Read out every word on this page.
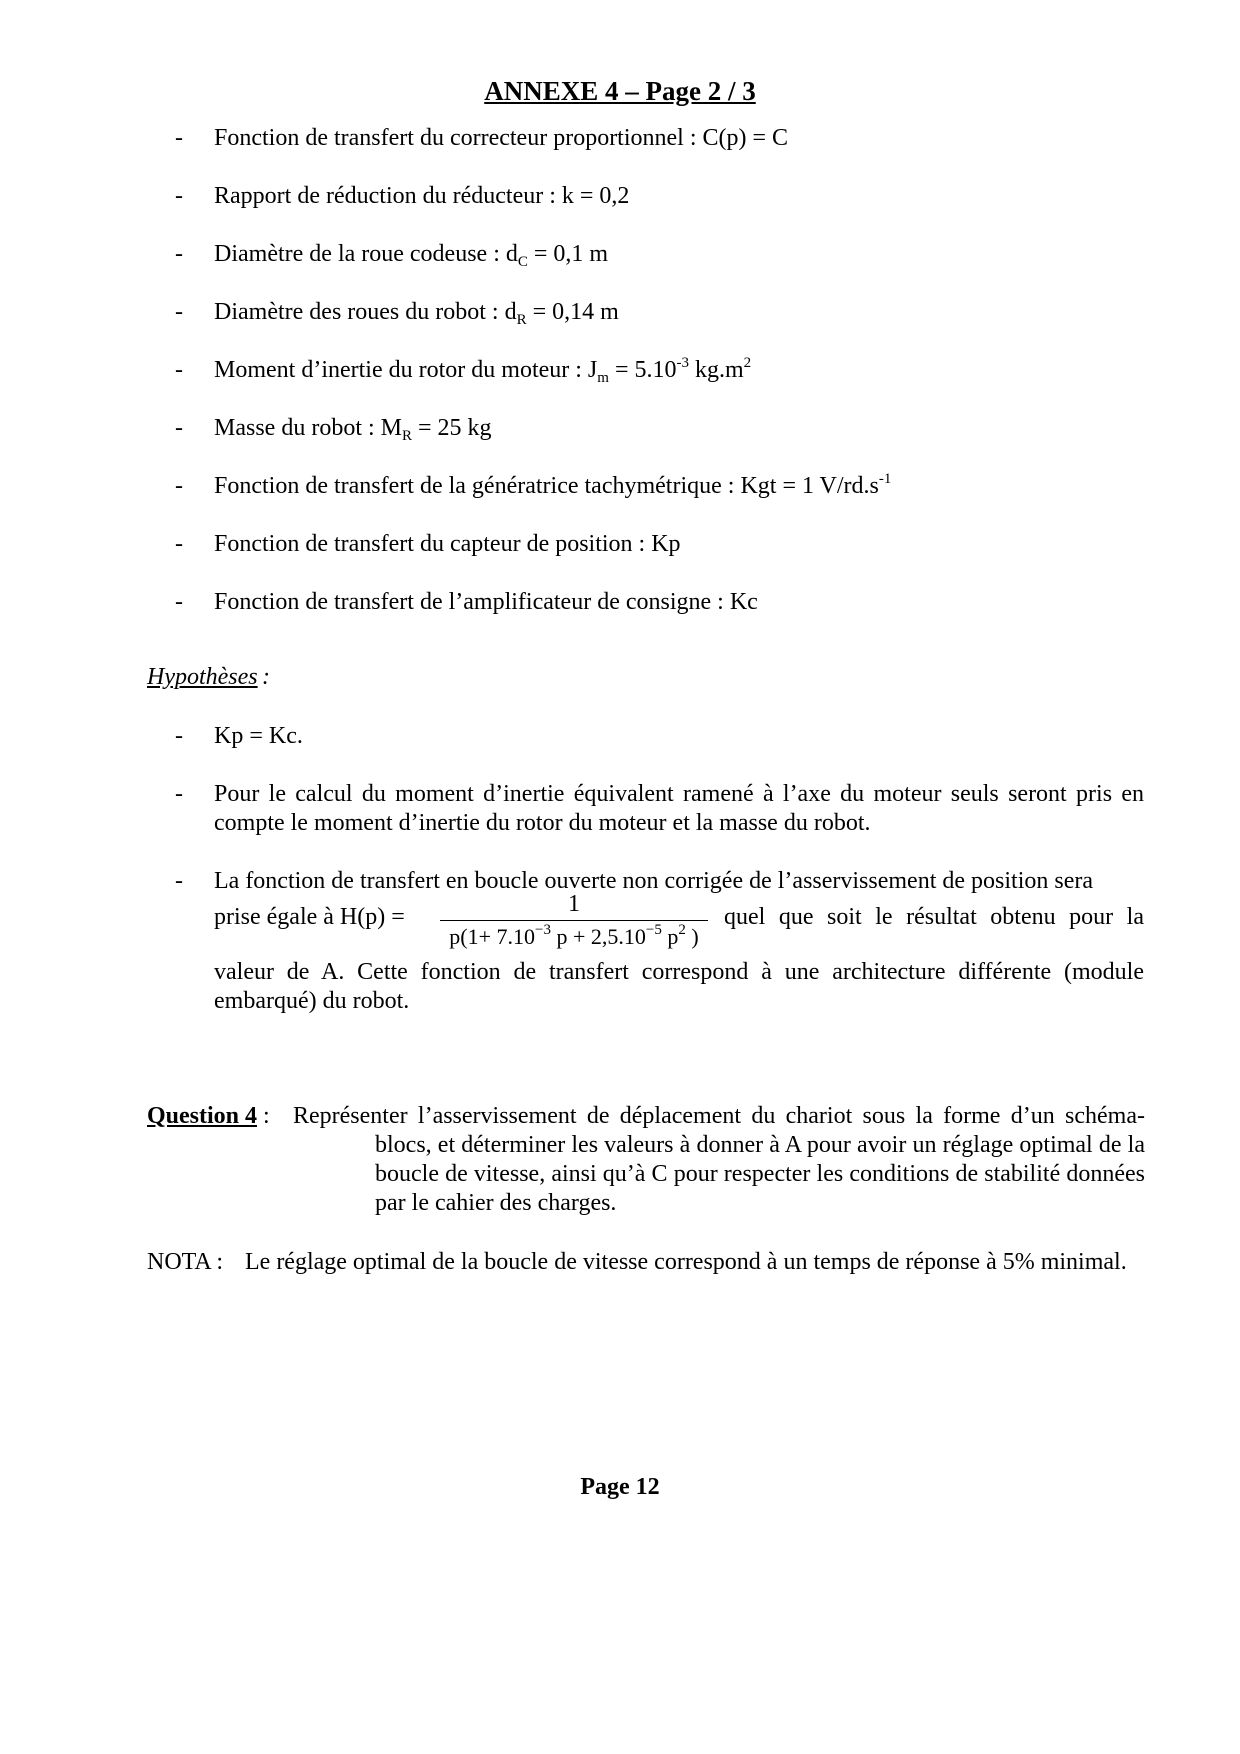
ANNEXE 4 – Page 2 / 3
- Fonction de transfert du correcteur proportionnel : C(p) = C
- Rapport de réduction du réducteur : k = 0,2
- Diamètre de la roue codeuse : $d_C = 0,1$ m
- Diamètre des roues du robot : $d_R = 0,14$ m
- Moment d’inertie du rotor du moteur : $J_m = 5.10^{-3}$ $kg.m^2$
- Masse du robot : $M_R = 25$ kg
- Fonction de transfert de la génératrice tachymétrique : Kgt = 1 $V/rd.s^{-1}$
- Fonction de transfert du capteur de position : Kp
- Fonction de transfert de l’amplificateur de consigne : Kc
Hypothèses :
- Kp = Kc.
- Pour le calcul du moment d’inertie équivalent ramené à l’axe du moteur seuls seront pris en compte le moment d’inertie du rotor du moteur et la masse du robot.
- La fonction de transfert en boucle ouverte non corrigée de l’asservissement de position sera
prise égale à H(p) =	1
$p(1+ 7.10^{-3}$ $p + 2,5.10^{-5}$ $p^2$ )
quel que soit le résultat obtenu pour la
valeur de A. Cette fonction de transfert correspond à une architecture différente (module embarqué) du robot.
Question 4 : Représenter l’asservissement de déplacement du chariot sous la forme d’un schéma-blocs, et déterminer les valeurs à donner à A pour avoir un réglage optimal de la boucle de vitesse, ainsi qu’à C pour respecter les conditions de stabilité données par le cahier des charges.
NOTA : Le réglage optimal de la boucle de vitesse correspond à un temps de réponse à 5% minimal.
Page 12
